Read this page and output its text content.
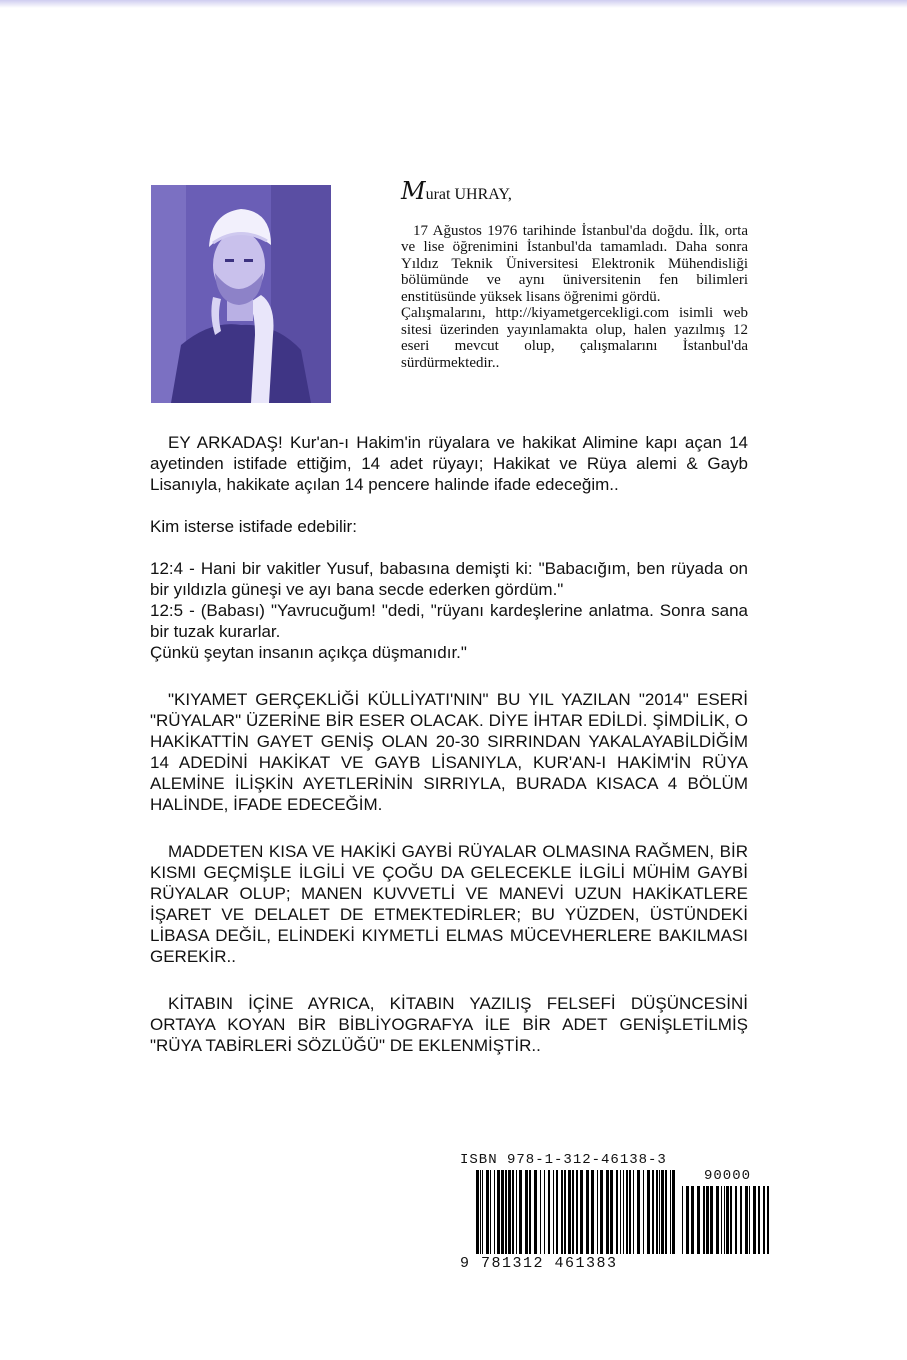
Murat UHRAY,

17 Ağustos 1976 tarihinde İstanbul'da doğdu. İlk, orta ve lise öğrenimini İstanbul'da tamamladı. Daha sonra Yıldız Teknik Üniversitesi Elektronik Mühendisliği bölümünde ve aynı üniversitenin fen bilimleri enstitüsünde yüksek lisans öğrenimi gördü.

Çalışmalarını, http://kiyametgercekligi.com isimli web sitesi üzerinden yayınlamakta olup, halen yazılmış 12 eseri mevcut olup, çalışmalarını İstanbul'da sürdürmektedir..

EY ARKADAŞ! Kur'an-ı Hakim'in rüyalara ve hakikat Alimine kapı açan 14 ayetinden istifade ettiğim, 14 adet rüyayı; Hakikat ve Rüya alemi & Gayb Lisanıyla, hakikate açılan 14 pencere halinde ifade edeceğim..

Kim isterse istifade edebilir:

12:4 - Hani bir vakitler Yusuf, babasına demişti ki: "Babacığım, ben rüyada on bir yıldızla güneşi ve ayı bana secde ederken gördüm."

12:5 - (Babası) "Yavrucuğum! "dedi, "rüyanı kardeşlerine anlatma. Sonra sana bir tuzak kurarlar.

Çünkü şeytan insanın açıkça düşmanıdır."

"KIYAMET GERÇEKLİĞİ KÜLLİYATI'NIN" BU YIL YAZILAN "2014" ESERİ "RÜYALAR" ÜZERİNE BİR ESER OLACAK. DİYE İHTAR EDİLDİ. ŞİMDİLİK, O HAKİKATTİN GAYET GENİŞ OLAN 20-30 SIRRINDAN YAKALAYABİLDİĞİM 14 ADEDİNİ HAKİKAT VE GAYB LİSANIYLA, KUR'AN-I HAKİM'İN RÜYA ALEMİNE İLİŞKİN AYETLERİNİN SIRRIYLA, BURADA KISACA 4 BÖLÜM HALİNDE, İFADE EDECEĞİM.

MADDETEN KISA VE HAKİKİ GAYBİ RÜYALAR OLMASINA RAĞMEN, BİR KISMI GEÇMİŞLE İLGİLİ VE ÇOĞU DA GELECEKLE İLGİLİ MÜHİM GAYBİ RÜYALAR OLUP; MANEN KUVVETLİ VE MANEVİ UZUN HAKİKATLERE İŞARET VE DELALET DE ETMEKTEDİRLER; BU YÜZDEN, ÜSTÜNDEKİ LİBASA DEĞİL, ELİNDEKİ KIYMETLİ ELMAS MÜCEVHERLERE BAKILMASI GEREKİR..

KİTABIN İÇİNE AYRICA, KİTABIN YAZILIŞ FELSEFİ DÜŞÜNCESİNİ ORTAYA KOYAN BİR BİBLİYOGRAFYA İLE BİR ADET GENİŞLETİLMİŞ "RÜYA TABİRLERİ SÖZLÜĞÜ" DE EKLENMİŞTİR..

ISBN 978-1-312-46138-3
90000
9 781312 461383
